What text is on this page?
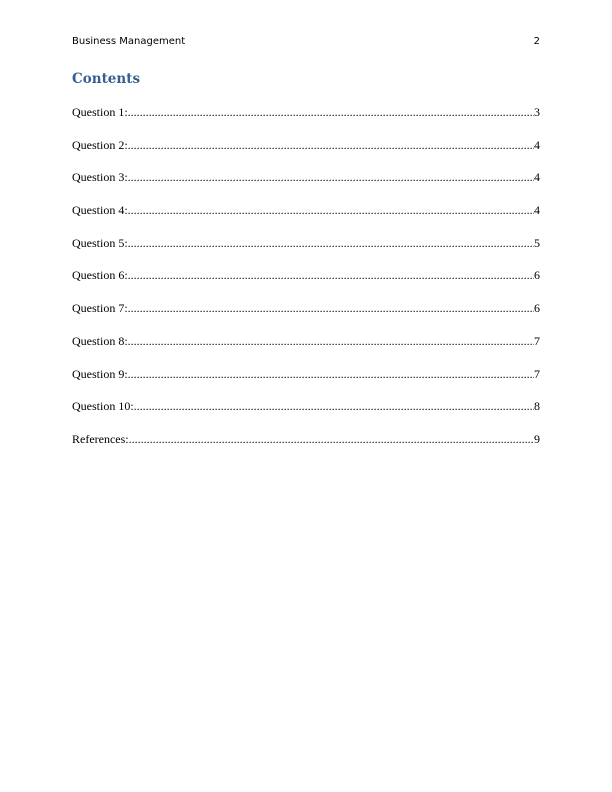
Business Management	2
Contents
Question 1: .....	3
Question 2: .....	4
Question 3: .....	4
Question 4: .....	4
Question 5: .....	5
Question 6: .....	6
Question 7: .....	6
Question 8: .....	7
Question 9: .....	7
Question 10: .....	8
References: .....	9
